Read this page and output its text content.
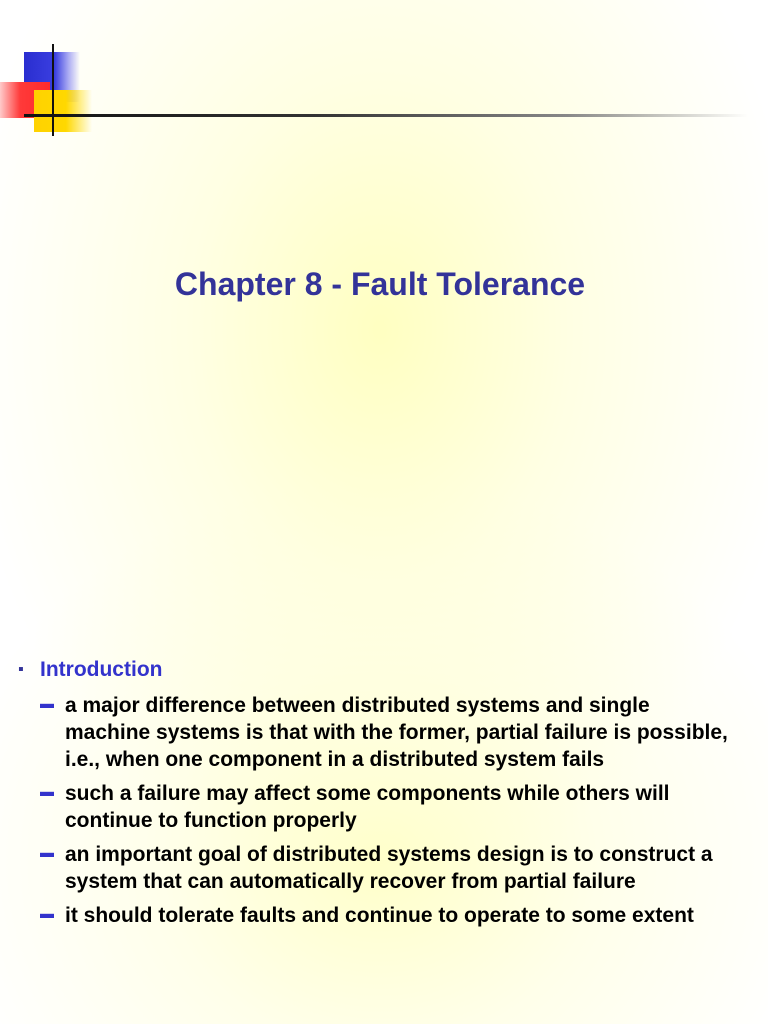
Chapter 8 - Fault Tolerance
▪ Introduction
▬ a major difference between distributed systems and single machine systems is that with the former, partial failure is possible, i.e., when one component in a distributed system fails
▬ such a failure may affect some components while others will continue to function properly
▬ an important goal of distributed systems design is to construct a system that can automatically recover from partial failure
▬ it should tolerate faults and continue to operate to some extent
